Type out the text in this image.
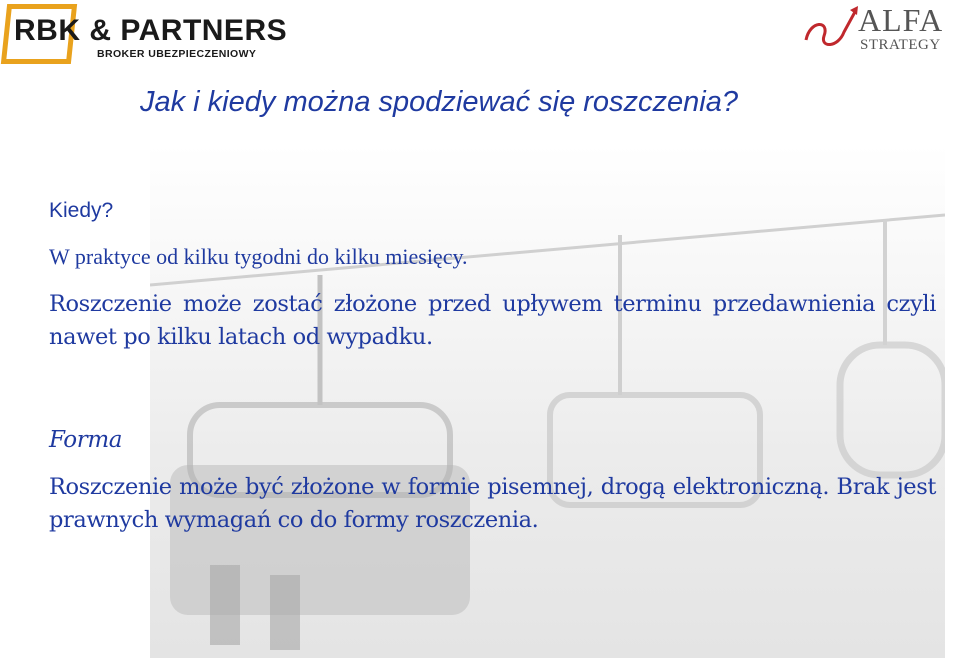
RBK & PARTNERS
BROKER UBEZPIECZENIOWY
ALFA
STRATEGY
Jak i kiedy można spodziewać się roszczenia?
Kiedy?
W praktyce od kilku tygodni do kilku miesięcy.
Roszczenie może zostać złożone przed upływem terminu przedawnienia czyli nawet po kilku latach od wypadku.
Forma
Roszczenie może być złożone w formie pisemnej, drogą elektroniczną. Brak jest prawnych wymagań co do formy roszczenia.
